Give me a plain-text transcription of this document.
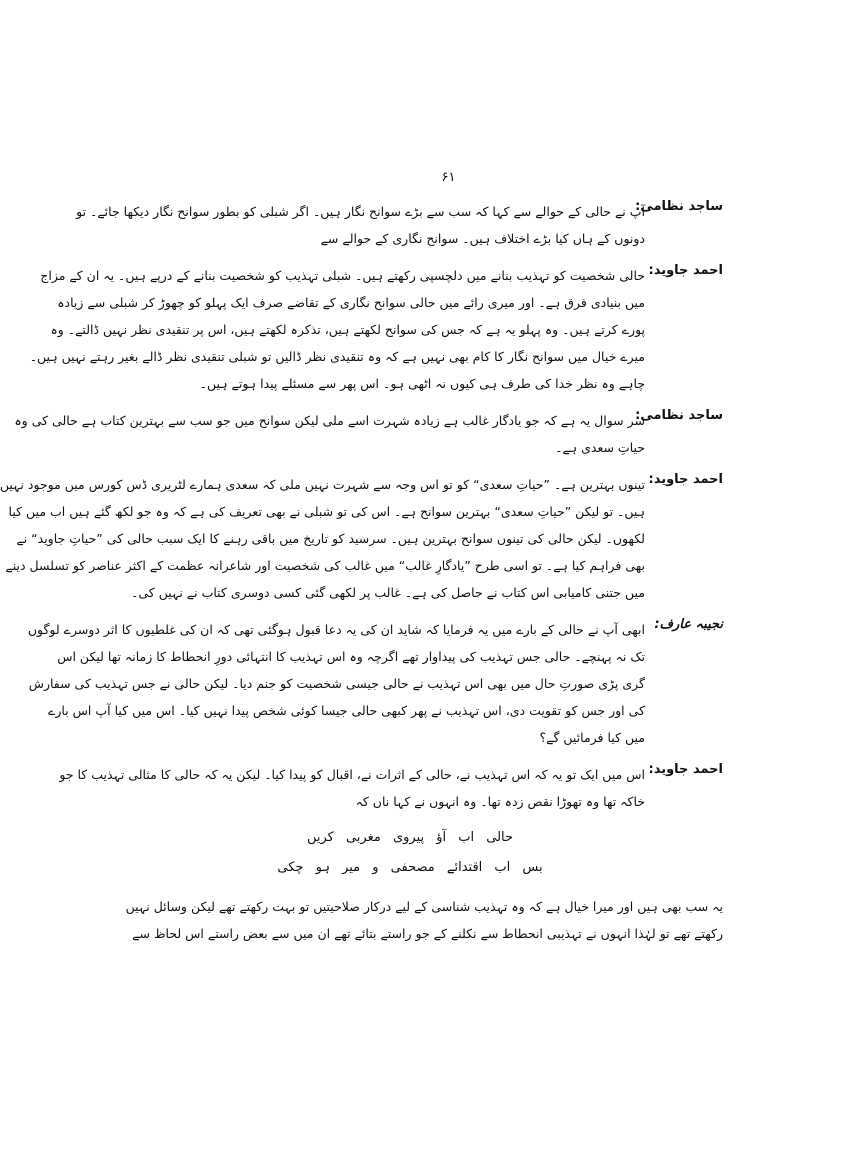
۶۱
ساجد نظامی:
آپ نے حالی کے حوالے سے کہا کہ سب سے بڑے سوانح نگار ہیں۔ اگر شبلی کو بطور سوانح نگار دیکھا جائے۔ تو
دونوں کے ہاں کیا بڑے اختلاف ہیں۔ سوانح نگاری کے حوالے سے
احمد جاوید:
حالی شخصیت کو تہذیب بنانے میں دلچسپی رکھتے ہیں۔ شبلی تہذیب کو شخصیت بنانے کے درپے ہیں۔ یہ ان کے مزاج
میں بنیادی فرق ہے۔ اور میری رائے میں حالی سوانح نگاری کے تقاضے صرف ایک پہلو کو چھوڑ کر شبلی سے زیادہ
پورے کرتے ہیں۔ وہ پہلو یہ ہے کہ جس کی سوانح لکھتے ہیں، تذکرہ لکھتے ہیں، اس پر تنقیدی نظر نہیں ڈالتے۔ وہ
میرے خیال میں سوانح نگار کا کام بھی نہیں ہے کہ وہ تنقیدی نظر ڈالیں تو شبلی تنقیدی نظر ڈالے بغیر رہتے نہیں ہیں۔
چاہے وہ نظر خدا کی طرف ہی کیوں نہ اٹھی ہو۔ اس پھر سے مسئلے پیدا ہوتے ہیں۔
ساجد نظامی:
سر سوال یہ ہے کہ جو یادگار غالب ہے زیادہ شہرت اسے ملی لیکن سوانح میں جو سب سے بہترین کتاب ہے حالی کی وہ
حیاتِ سعدی ہے۔
احمد جاوید:
تینوں بہترین ہے۔ ”حیاتِ سعدی“ کو تو اس وجہ سے شہرت نہیں ملی کہ سعدی ہمارے لٹریری ڈس کورس میں موجود نہیں
ہیں۔ تو لیکن ”حیاتِ سعدی“ بہترین سوانح ہے۔ اس کی تو شبلی نے بھی تعریف کی ہے کہ وہ جو لکھ گئے ہیں اب میں کیا
لکھوں۔ لیکن حالی کی تینوں سوانح بہترین ہیں۔ سرسید کو تاریخ میں باقی رہنے کا ایک سبب حالی کی ”حیاتِ جاوید“ نے
بھی فراہم کیا ہے۔ تو اسی طرح ”یادگارِ غالب“ میں غالب کی شخصیت اور شاعرانہ عظمت کے اکثر عناصر کو تسلسل دینے
میں جتنی کامیابی اس کتاب نے حاصل کی ہے۔ غالب پر لکھی گئی کسی دوسری کتاب نے نہیں کی۔
نجیبہ عارف:
ابھی آپ نے حالی کے بارے میں یہ فرمایا کہ شاید ان کی یہ دعا قبول ہوگئی تھی کہ ان کی غلطیوں کا اثر دوسرے لوگوں
تک نہ پہنچے۔ حالی جس تہذیب کی پیداوار تھے اگرچہ وہ اس تہذیب کا انتہائی دورِ انحطاط کا زمانہ تھا لیکن اس
گری پڑی صورتِ حال میں بھی اس تہذیب نے حالی جیسی شخصیت کو جنم دیا۔ لیکن حالی نے جس تہذیب کی سفارش
کی اور جس کو تقویت دی، اس تہذیب نے پھر کبھی حالی جیسا کوئی شخص پیدا نہیں کیا۔ اس میں کیا آپ اس بارے
میں کیا فرمائیں گے؟
احمد جاوید:
اس میں ایک تو یہ کہ اس تہذیب نے، حالی کے اثرات نے، اقبال کو پیدا کیا۔ لیکن یہ کہ حالی کا مثالی تہذیب کا جو
خاکہ تھا وہ تھوڑا نقص زدہ تھا۔ وہ انہوں نے کہا ناں کہ
حالی اب آؤ پیروی مغربی کریں
بس اب اقتدائے مصحفی و میر ہو چکی
یہ سب بھی ہیں اور میرا خیال ہے کہ وہ تہذیب شناسی کے لیے درکار صلاحیتیں تو بہت رکھتے تھے لیکن وسائل نہیں
رکھتے تھے تو لہٰذا انہوں نے تہذیبی انحطاط سے نکلنے کے جو راستے بتائے تھے ان میں سے بعض راستے اس لحاظ سے
